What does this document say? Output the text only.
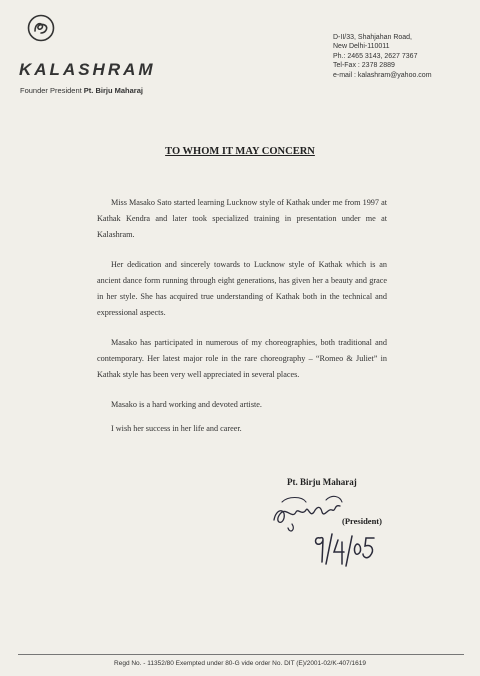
KALASHRAM
Founder President Pt. Birju Maharaj
D-II/33, Shahjahan Road,
New Delhi-110011
Ph.: 2465 3143, 2627 7367
Tel-Fax : 2378 2889
e-mail : kalashram@yahoo.com
TO WHOM IT MAY CONCERN

Miss Masako Sato started learning Lucknow style of Kathak under me from 1997 at Kathak Kendra and later took specialized training in presentation under me at Kalashram.

Her dedication and sincerely towards to Lucknow style of Kathak which is an ancient dance form running through eight generations, has given her a beauty and grace in her style. She has acquired true understanding of Kathak both in the technical and expressional aspects.

Masako has participated in numerous of my choreographies, both traditional and contemporary. Her latest major role in the rare choreography – “Romeo & Juliet” in Kathak style has been very well appreciated in several places.

Masako is a hard working and devoted artiste.

I wish her success in her life and career.

Pt. Birju Maharaj
(President)
Regd No. - 11352/80 Exempted under 80-G vide order No. DIT (E)/2001-02/K-407/1619
